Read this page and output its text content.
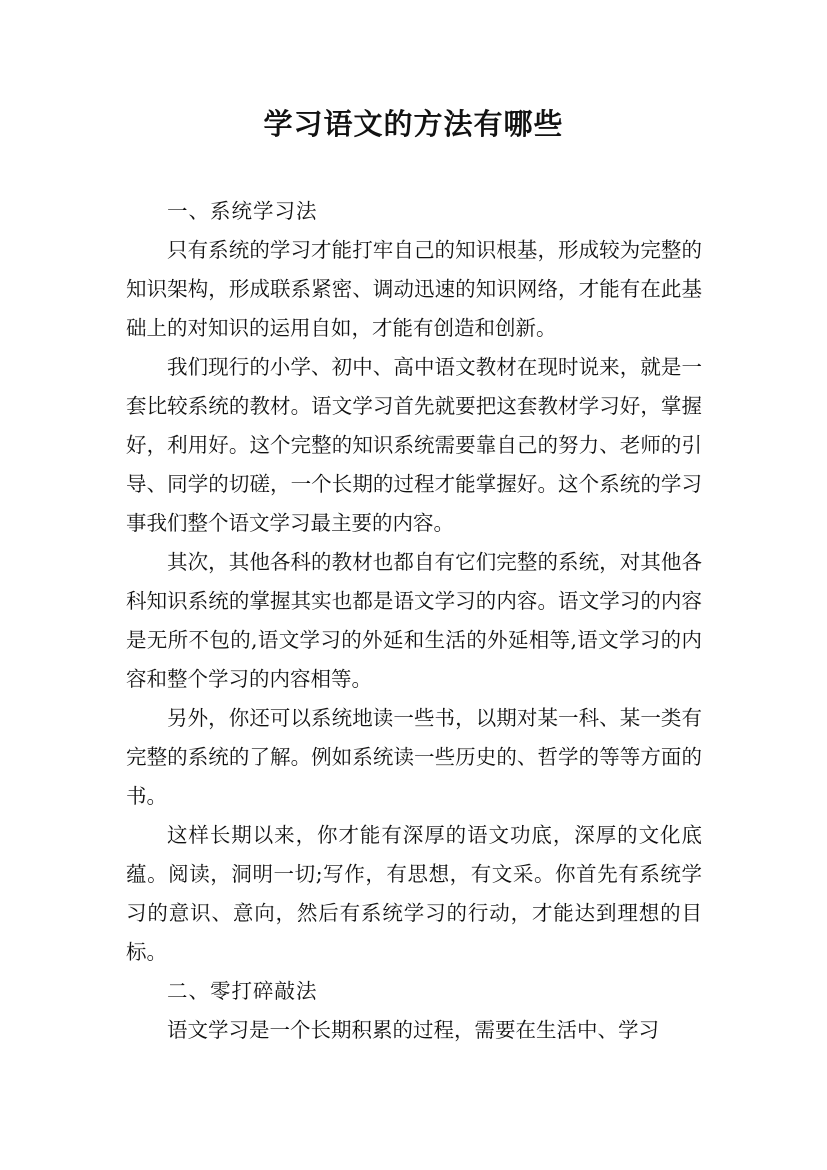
学习语文的方法有哪些

一、系统学习法

只有系统的学习才能打牢自己的知识根基，形成较为完整的知识架构，形成联系紧密、调动迅速的知识网络，才能有在此基础上的对知识的运用自如，才能有创造和创新。

我们现行的小学、初中、高中语文教材在现时说来，就是一套比较系统的教材。语文学习首先就要把这套教材学习好，掌握好，利用好。这个完整的知识系统需要靠自己的努力、老师的引导、同学的切磋，一个长期的过程才能掌握好。这个系统的学习事我们整个语文学习最主要的内容。

其次，其他各科的教材也都自有它们完整的系统，对其他各科知识系统的掌握其实也都是语文学习的内容。语文学习的内容是无所不包的,语文学习的外延和生活的外延相等,语文学习的内容和整个学习的内容相等。

另外，你还可以系统地读一些书，以期对某一科、某一类有完整的系统的了解。例如系统读一些历史的、哲学的等等方面的书。

这样长期以来，你才能有深厚的语文功底，深厚的文化底蕴。阅读，洞明一切;写作，有思想，有文采。你首先有系统学习的意识、意向，然后有系统学习的行动，才能达到理想的目标。

二、零打碎敲法

语文学习是一个长期积累的过程，需要在生活中、学习
